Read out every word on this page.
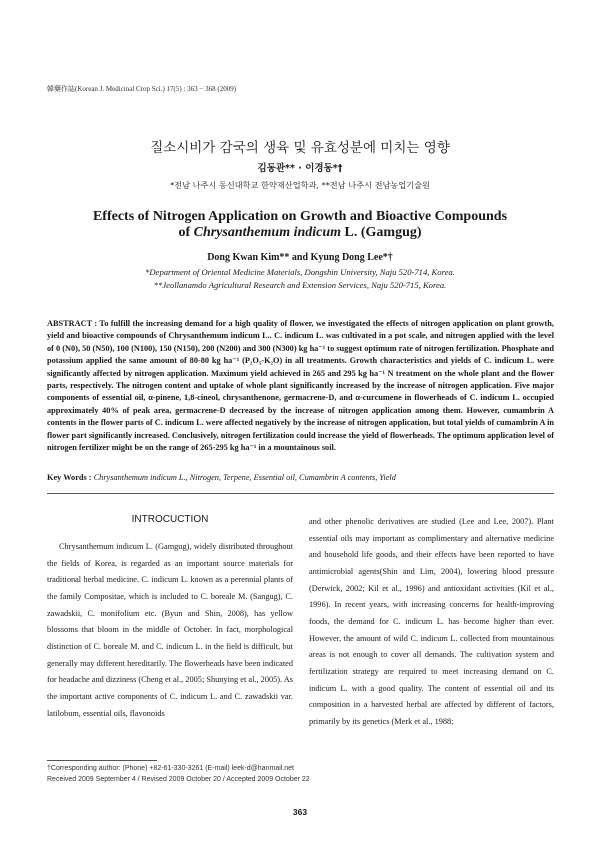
韓藥作誌(Korean J. Medicinal Crop Sci.) 17(5) : 363 − 368 (2009)
질소시비가 감국의 생육 및 유효성분에 미치는 영향
김동관** · 이경동*†
*전남 나주시 동신대학교 한약재산업학과, **전남 나주시 전남농업기술원
Effects of Nitrogen Application on Growth and Bioactive Compounds
of Chrysanthemum indicum L. (Gamgug)
Dong Kwan Kim** and Kyung Dong Lee*†
*Department of Oriental Medicine Materials, Dongshin University, Naju 520-714, Korea.
**Jeollanamdo Agricultural Research and Extension Services, Naju 520-715, Korea.

ABSTRACT : To fulfill the increasing demand for a high quality of flower, we investigated the effects of nitrogen application on plant growth, yield and bioactive compounds of Chrysanthemum indicum L.. C. indicum L. was cultivated in a pot scale, and nitrogen applied with the level of 0 (N0), 50 (N50), 100 (N100), 150 (N150), 200 (N200) and 300 (N300) kg ha⁻¹ to suggest optimum rate of nitrogen fertilization. Phosphate and potassium applied the same amount of 80-80 kg ha⁻¹ (P₂O₅-K₂O) in all treatments. Growth characteristics and yields of C. indicum L. were significantly affected by nitrogen application. Maximum yield achieved in 265 and 295 kg ha⁻¹ N treatment on the whole plant and the flower parts, respectively. The nitrogen content and uptake of whole plant significantly increased by the increase of nitrogen application. Five major components of essential oil, α-pinene, 1,8-cineol, chrysanthenone, germacrene-D, and α-curcumene in flowerheads of C. indicum L. occupied approximately 40% of peak area, germacrene-D decreased by the increase of nitrogen application among them. However, cumambrin A contents in the flower parts of C. indicum L. were affected negatively by the increase of nitrogen application, but total yields of cumambrin A in flower part significantly increased. Conclusively, nitrogen fertilization could increase the yield of flowerheads. The optimum application level of nitrogen fertilizer might be on the range of 265-295 kg ha⁻¹ in a mountainous soil.

Key Words : Chrysanthemum indicum L., Nitrogen, Terpene, Essential oil, Cumambrin A contents, Yield

INTROCUCTION

Chrysanthemum indicum L. (Gamgug), widely distributed throughout the fields of Korea, is regarded as an important source materials for traditional herbal medicine. C. indicum L. known as a perennial plants of the family Compositae, which is included to C. boreale M. (Sangug), C. zawadskii, C. monifolium etc. (Byun and Shin, 2008), has yellow blossoms that bloom in the middle of October. In fact, morphological distinction of C. boreale M. and C. indicum L. in the field is difficult, but generally may different hereditarily. The flowerheads have been indicated for headache and dizziness (Cheng et al., 2005; Shunying et al., 2005). As the important active components of C. indicum L. and C. zawadskii var. latilobum, essential oils, flavonoids

and other phenolic derivatives are studied (Lee and Lee, 2007). Plant essential oils may important as complimentary and alternative medicine and household life goods, and their effects have been reported to have antimicrobial agents(Shin and Lim, 2004), lowering blood pressure (Derwick, 2002; Kil et al., 1996) and antioxidant activities (Kil et al., 1996). In recent years, with increasing concerns for health-improving foods, the demand for C. indicum L. has become higher than ever. However, the amount of wild C. indicum L. collected from mountainous areas is not enough to cover all demands. The cultivation system and fertilization strategy are required to meet increasing demand on C. indicum L. with a good quality. The content of essential oil and its composition in a harvested herbal are affected by different of factors, primarily by its genetics (Merk et al., 1988;

†Corresponding author: (Phone) +82-61-330-3261 (E-mail) leek-d@hanmail.net
Received 2009 September 4 / Revised 2009 October 20 / Accepted 2009 October 22
363
